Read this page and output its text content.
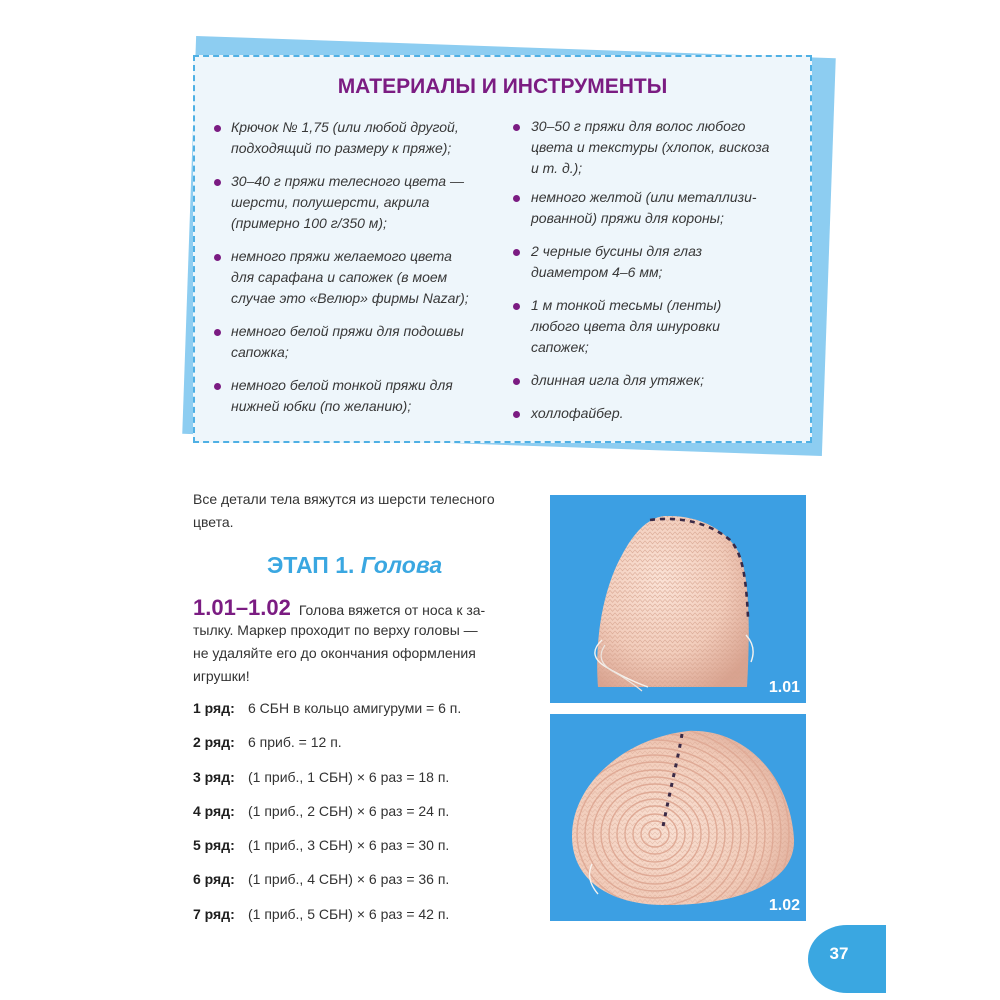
МАТЕРИАЛЫ И ИНСТРУМЕНТЫ
Крючок № 1,75 (или любой другой,
подходящий по размеру к пряже);
30–40 г пряжи телесного цвета —
шерсти, полушерсти, акрила
(примерно 100 г/350 м);
немного пряжи желаемого цвета
для сарафана и сапожек (в моем
случае это «Велюр» фирмы Nazar);
немного белой пряжи для подошвы
сапожка;
немного белой тонкой пряжи для
нижней юбки (по желанию);
30–50 г пряжи для волос любого
цвета и текстуры (хлопок, вискоза
и т. д.);
немного желтой (или металлизи-
рованной) пряжи для короны;
2 черные бусины для глаз
диаметром 4–6 мм;
1 м тонкой тесьмы (ленты)
любого цвета для шнуровки
сапожек;
длинная игла для утяжек;
холлофайбер.
Все детали тела вяжутся из шерсти телесного
цвета.
ЭТАП 1. Голова
1.01–1.02 Голова вяжется от носа к за-
тылку. Маркер проходит по верху головы —
не удаляйте его до окончания оформления
игрушки!
1 ряд: 6 СБН в кольцо амигуруми = 6 п.
2 ряд: 6 приб. = 12 п.
3 ряд: (1 приб., 1 СБН) × 6 раз = 18 п.
4 ряд: (1 приб., 2 СБН) × 6 раз = 24 п.
5 ряд: (1 приб., 3 СБН) × 6 раз = 30 п.
6 ряд: (1 приб., 4 СБН) × 6 раз = 36 п.
7 ряд: (1 приб., 5 СБН) × 6 раз = 42 п.
1.01
1.02
37
